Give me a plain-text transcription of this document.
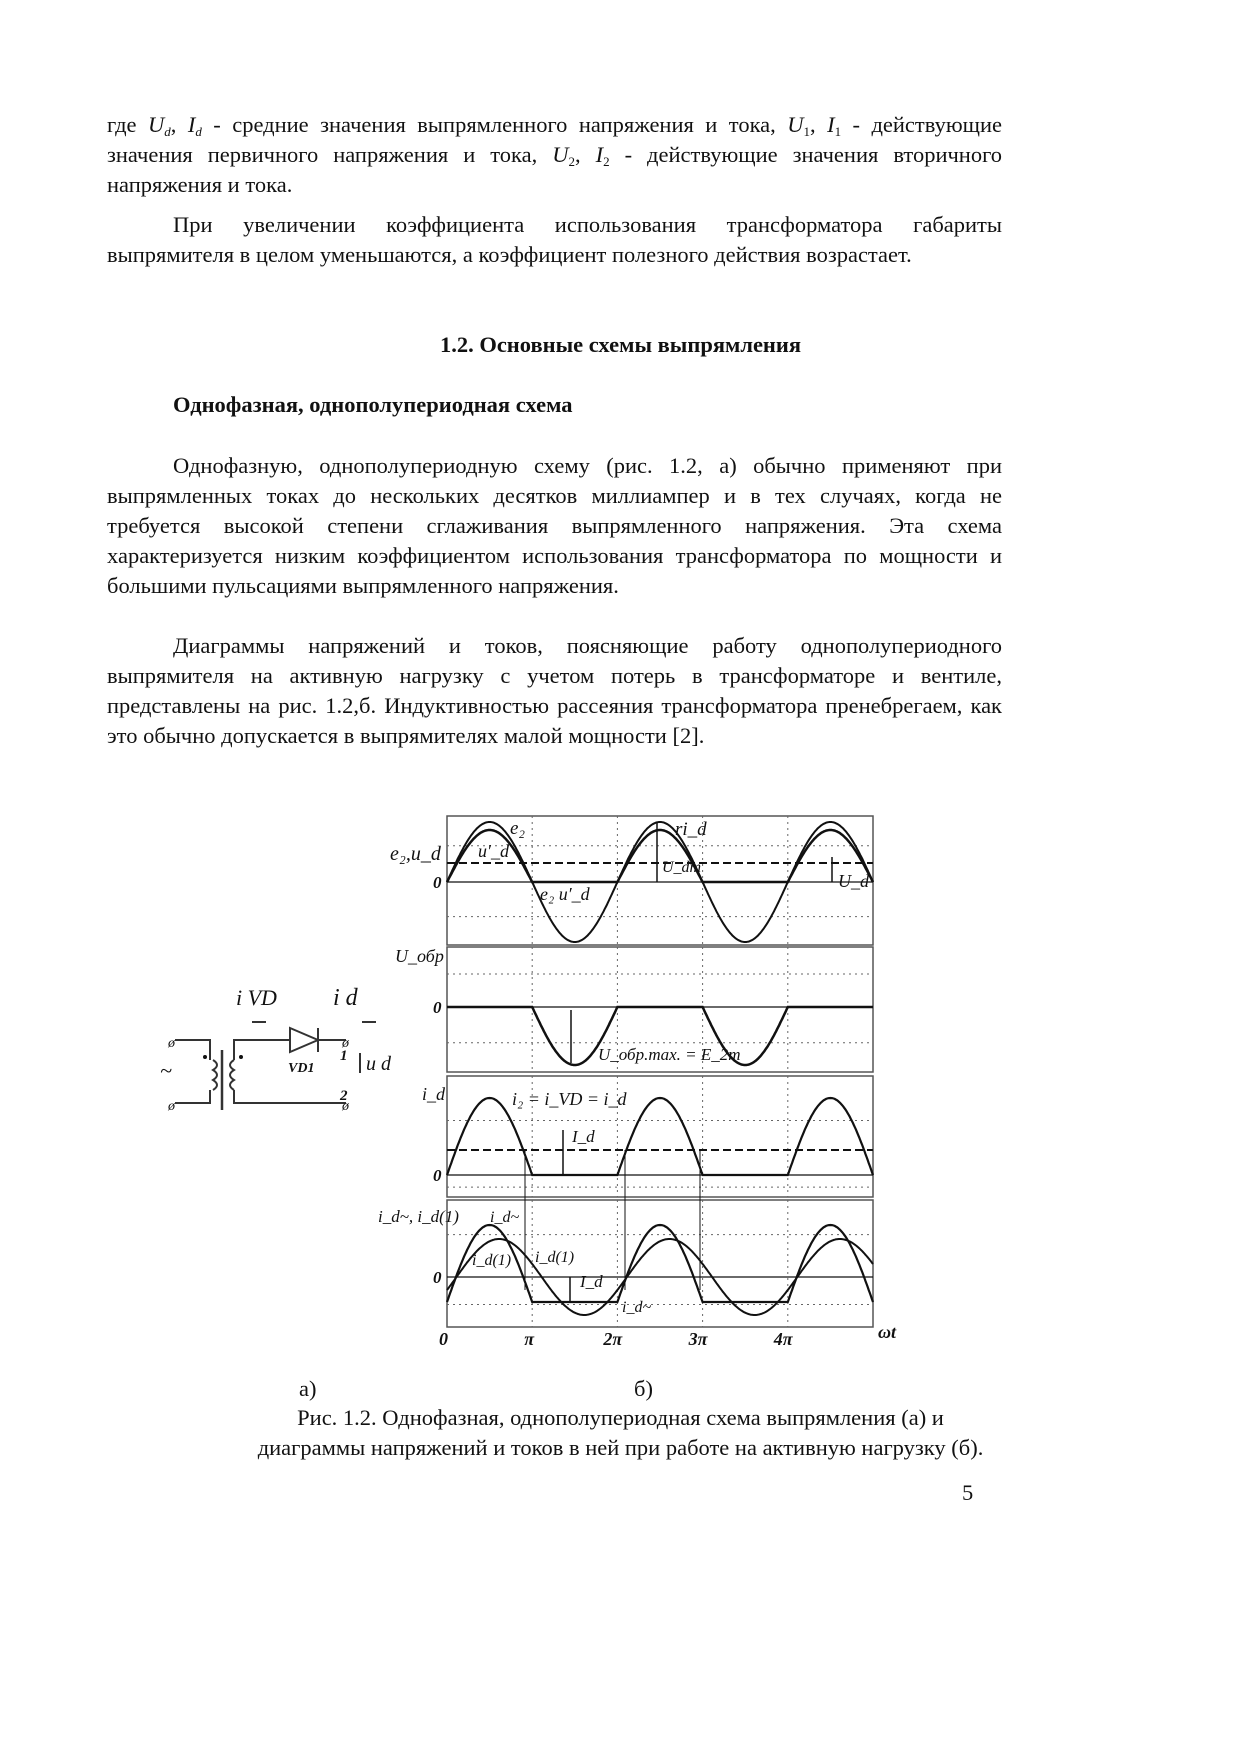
где $U_d$, $I_d$ - средние значения выпрямленного напряжения и тока, $U_1$, $I_1$ - действующие значения первичного напряжения и тока, $U_2$, $I_2$ - действующие значения вторичного напряжения и тока.
При увеличении коэффициента использования трансформатора габариты выпрямителя в целом уменьшаются, а коэффициент полезного действия возрастает.
1.2. Основные схемы выпрямления
Однофазная, однополупериодная схема
Однофазную, однополупериодную схему (рис. 1.2, а) обычно применяют при выпрямленных токах до нескольких десятков миллиампер и в тех случаях, когда не требуется высокой степени сглаживания выпрямленного напряжения. Эта схема характеризуется низким коэффициентом использования трансформатора по мощности и большими пульсациями выпрямленного напряжения.
Диаграммы напряжений и токов, поясняющие работу однополупериодного выпрямителя на активную нагрузку с учетом потерь в трансформаторе и вентиле, представлены на рис. 1.2,б. Индуктивностью рассеяния трансформатора пренебрегаем, как это обычно допускается в выпрямителях малой мощности [2].
ø
ø
ø
ø
~
i VD i d
VD1
1
2
u d
0
0
0
0
e₂,u_d
e₂
u′_d
ri_d
U_dm
U_d
e₂ u′_d
U_обр
U_обр.max. = E_2m
i_d	i₂ = i_VD = i_d
I_d
i_d~, i_d(1) i_d~
i_d(1) i_d(1)
I_d
i_d~
0	π	2π	3π	4π	ωt
а)	б)
Рис. 1.2. Однофазная, однополупериодная схема выпрямления (а) и
диаграммы напряжений и токов в ней при работе на активную нагрузку (б).
5
